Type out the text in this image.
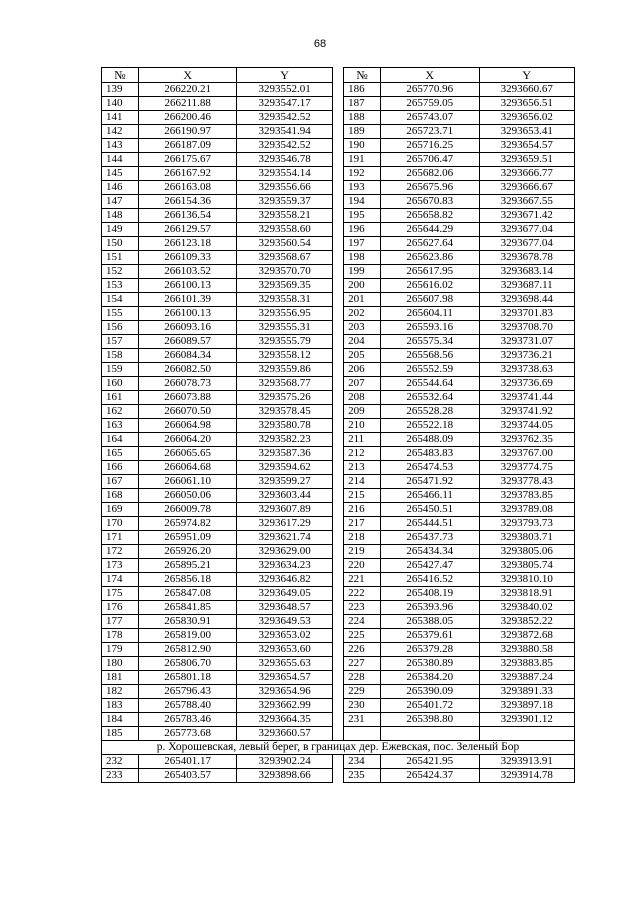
68
№	X	Y		№	X	Y
139	266220.21	3293552.01		186	265770.96	3293660.67
140	266211.88	3293547.17		187	265759.05	3293656.51
141	266200.46	3293542.52		188	265743.07	3293656.02
142	266190.97	3293541.94		189	265723.71	3293653.41
143	266187.09	3293542.52		190	265716.25	3293654.57
144	266175.67	3293546.78		191	265706.47	3293659.51
145	266167.92	3293554.14		192	265682.06	3293666.77
146	266163.08	3293556.66		193	265675.96	3293666.67
147	266154.36	3293559.37		194	265670.83	3293667.55
148	266136.54	3293558.21		195	265658.82	3293671.42
149	266129.57	3293558.60		196	265644.29	3293677.04
150	266123.18	3293560.54		197	265627.64	3293677.04
151	266109.33	3293568.67		198	265623.86	3293678.78
152	266103.52	3293570.70		199	265617.95	3293683.14
153	266100.13	3293569.35		200	265616.02	3293687.11
154	266101.39	3293558.31		201	265607.98	3293698.44
155	266100.13	3293556.95		202	265604.11	3293701.83
156	266093.16	3293555.31		203	265593.16	3293708.70
157	266089.57	3293555.79		204	265575.34	3293731.07
158	266084.34	3293558.12		205	265568.56	3293736.21
159	266082.50	3293559.86		206	265552.59	3293738.63
160	266078.73	3293568.77		207	265544.64	3293736.69
161	266073.88	3293575.26		208	265532.64	3293741.44
162	266070.50	3293578.45		209	265528.28	3293741.92
163	266064.98	3293580.78		210	265522.18	3293744.05
164	266064.20	3293582.23		211	265488.09	3293762.35
165	266065.65	3293587.36		212	265483.83	3293767.00
166	266064.68	3293594.62		213	265474.53	3293774.75
167	266061.10	3293599.27		214	265471.92	3293778.43
168	266050.06	3293603.44		215	265466.11	3293783.85
169	266009.78	3293607.89		216	265450.51	3293789.08
170	265974.82	3293617.29		217	265444.51	3293793.73
171	265951.09	3293621.74		218	265437.73	3293803.71
172	265926.20	3293629.00		219	265434.34	3293805.06
173	265895.21	3293634.23		220	265427.47	3293805.74
174	265856.18	3293646.82		221	265416.52	3293810.10
175	265847.08	3293649.05		222	265408.19	3293818.91
176	265841.85	3293648.57		223	265393.96	3293840.02
177	265830.91	3293649.53		224	265388.05	3293852.22
178	265819.00	3293653.02		225	265379.61	3293872.68
179	265812.90	3293653.60		226	265379.28	3293880.58
180	265806.70	3293655.63		227	265380.89	3293883.85
181	265801.18	3293654.57		228	265384.20	3293887.24
182	265796.43	3293654.96		229	265390.09	3293891.33
183	265788.40	3293662.99		230	265401.72	3293897.18
184	265783.46	3293664.35		231	265398.80	3293901.12
185	265773.68	3293660.57				
р. Хорошевская, левый берег, в границах дер. Ежевская, пос. Зеленый Бор						
232	265401.17	3293902.24		234	265421.95	3293913.91
233	265403.57	3293898.66		235	265424.37	3293914.78
